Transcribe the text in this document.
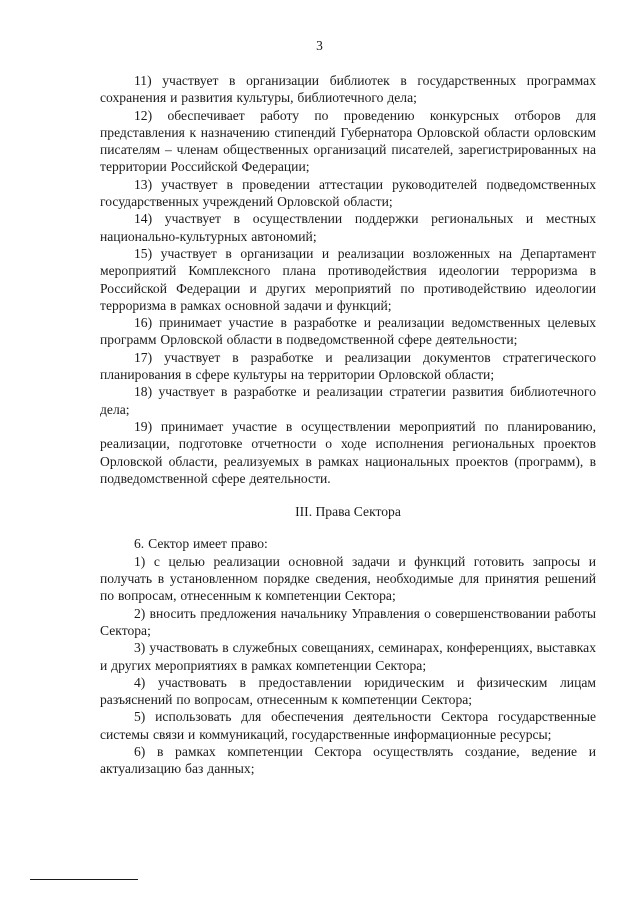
3

11) участвует в организации библиотек в государственных программах сохранения и развития культуры, библиотечного дела;

12) обеспечивает работу по проведению конкурсных отборов для представления к назначению стипендий Губернатора Орловской области орловским писателям – членам общественных организаций писателей, зарегистрированных на территории Российской Федерации;

13) участвует в проведении аттестации руководителей подведомственных государственных учреждений Орловской области;

14) участвует в осуществлении поддержки региональных и местных национально-культурных автономий;

15) участвует в организации и реализации возложенных на Департамент мероприятий Комплексного плана противодействия идеологии терроризма в Российской Федерации и других мероприятий по противодействию идеологии терроризма в рамках основной задачи и функций;

16) принимает участие в разработке и реализации ведомственных целевых программ Орловской области в подведомственной сфере деятельности;

17) участвует в разработке и реализации документов стратегического планирования в сфере культуры на территории Орловской области;

18) участвует в разработке и реализации стратегии развития библиотечного дела;

19) принимает участие в осуществлении мероприятий по планированию, реализации, подготовке отчетности о ходе исполнения региональных проектов Орловской области, реализуемых в рамках национальных проектов (программ), в подведомственной сфере деятельности.

III. Права Сектора

6. Сектор имеет право:

1) с целью реализации основной задачи и функций готовить запросы и получать в установленном порядке сведения, необходимые для принятия решений по вопросам, отнесенным к компетенции Сектора;

2) вносить предложения начальнику Управления о совершенствовании работы Сектора;

3) участвовать в служебных совещаниях, семинарах, конференциях, выставках и других мероприятиях в рамках компетенции Сектора;

4) участвовать в предоставлении юридическим и физическим лицам разъяснений по вопросам, отнесенным к компетенции Сектора;

5) использовать для обеспечения деятельности Сектора государственные системы связи и коммуникаций, государственные информационные ресурсы;

6) в рамках компетенции Сектора осуществлять создание, ведение и актуализацию баз данных;
